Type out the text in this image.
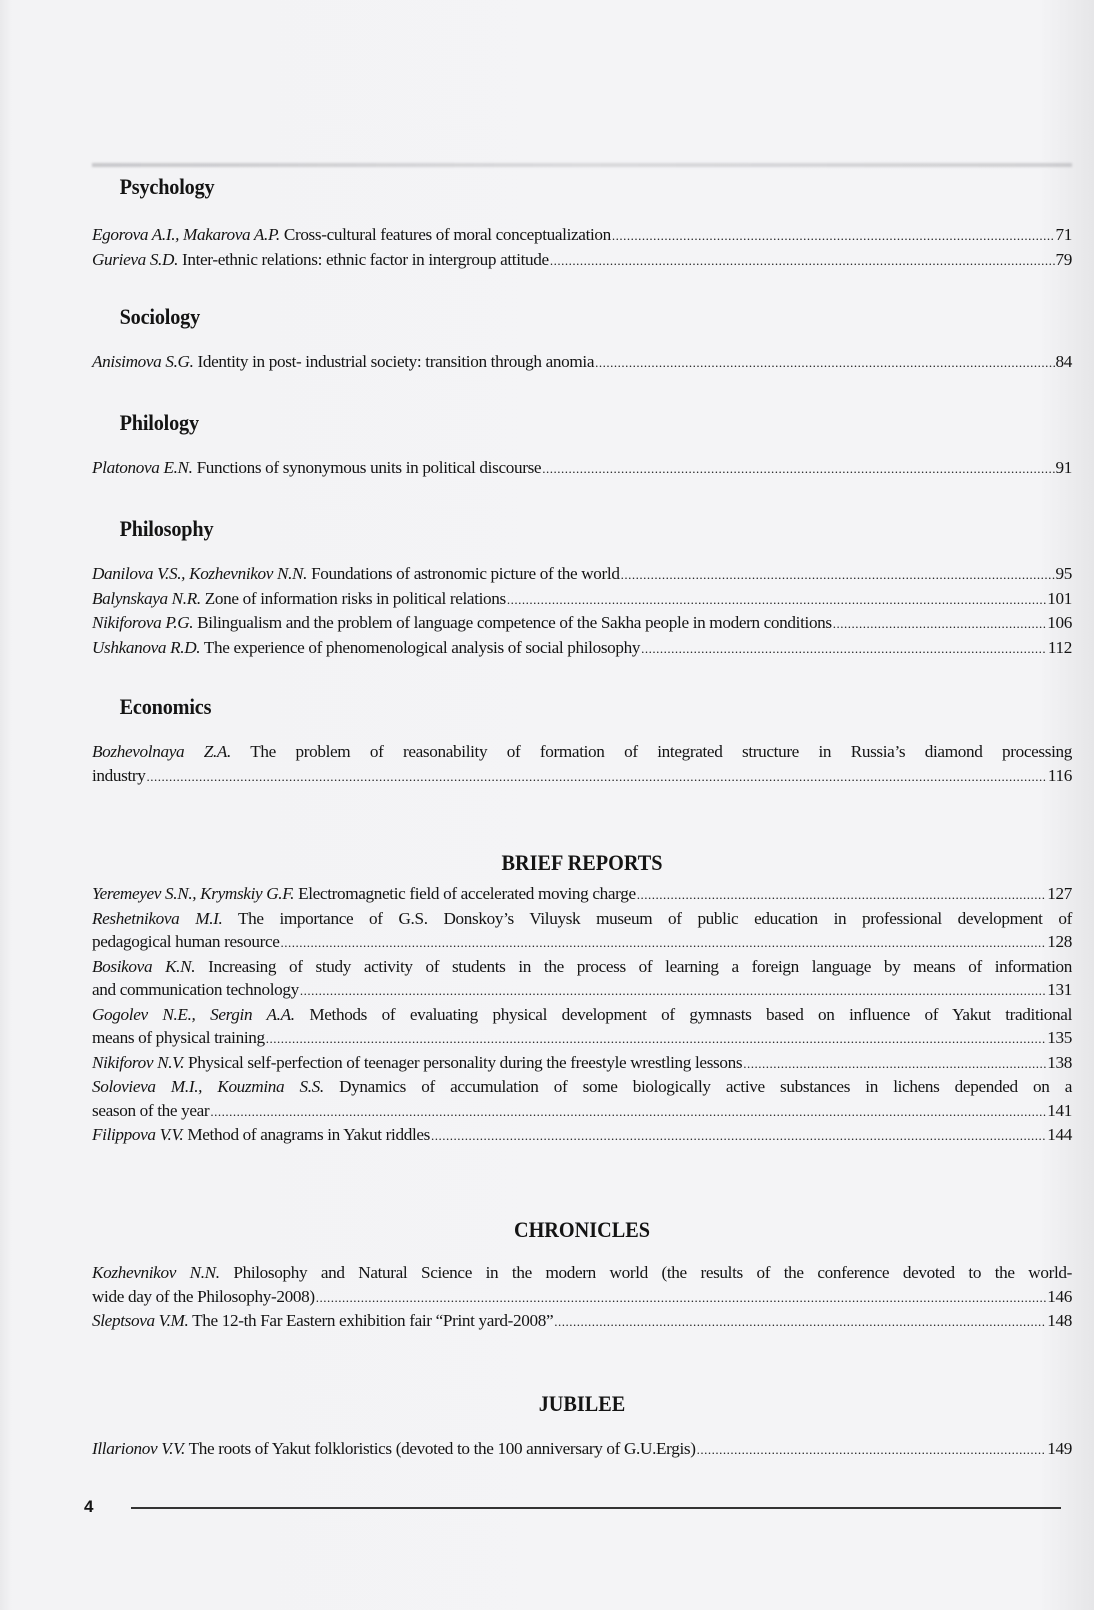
Psychology
Egorova A.I., Makarova A.P. Cross-cultural features of moral conceptualization .....	71
Gurieva S.D. Inter-ethnic relations: ethnic factor in intergroup attitude .....	79
Sociology
Anisimova S.G. Identity in post- industrial society: transition through anomia .....	84
Philology
Platonova E.N. Functions of synonymous units in political discourse .....	91
Philosophy
Danilova V.S., Kozhevnikov N.N. Foundations of astronomic picture of the world .....	95
Balynskaya N.R. Zone of information risks in political relations .....	101
Nikiforova P.G. Bilingualism and the problem of language competence of the Sakha people in modern conditions .....	106
Ushkanova R.D. The experience of phenomenological analysis of social philosophy .....	112
Economics
Bozhevolnaya Z.A. The problem of reasonability of formation of integrated structure in Russia’s diamond processing
industry .....	116
BRIEF REPORTS
Yeremeyev S.N., Krymskiy G.F. Electromagnetic field of accelerated moving charge .....	127
Reshetnikova M.I. The importance of G.S. Donskoy’s Viluysk museum of public education in professional development of
pedagogical human resource .....	128
Bosikova K.N. Increasing of study activity of students in the process of learning a foreign language by means of information
and communication technology .....	131
Gogolev N.E., Sergin A.A. Methods of evaluating physical development of gymnasts based on influence of Yakut traditional
means of physical training .....	135
Nikiforov N.V. Physical self-perfection of teenager personality during the freestyle wrestling lessons .....	138
Solovieva M.I., Kouzmina S.S. Dynamics of accumulation of some biologically active substances in lichens depended on a
season of the year .....	141
Filippova V.V. Method of anagrams in Yakut riddles .....	144
CHRONICLES
Kozhevnikov N.N. Philosophy and Natural Science in the modern world (the results of the conference devoted to the world-
wide day of the Philosophy-2008) .....	146
Sleptsova V.M. The 12-th Far Eastern exhibition fair “Print yard-2008” .....	148
JUBILEE
Illarionov V.V. The roots of Yakut folkloristics (devoted to the 100 anniversary of G.U.Ergis) .....	149
4
